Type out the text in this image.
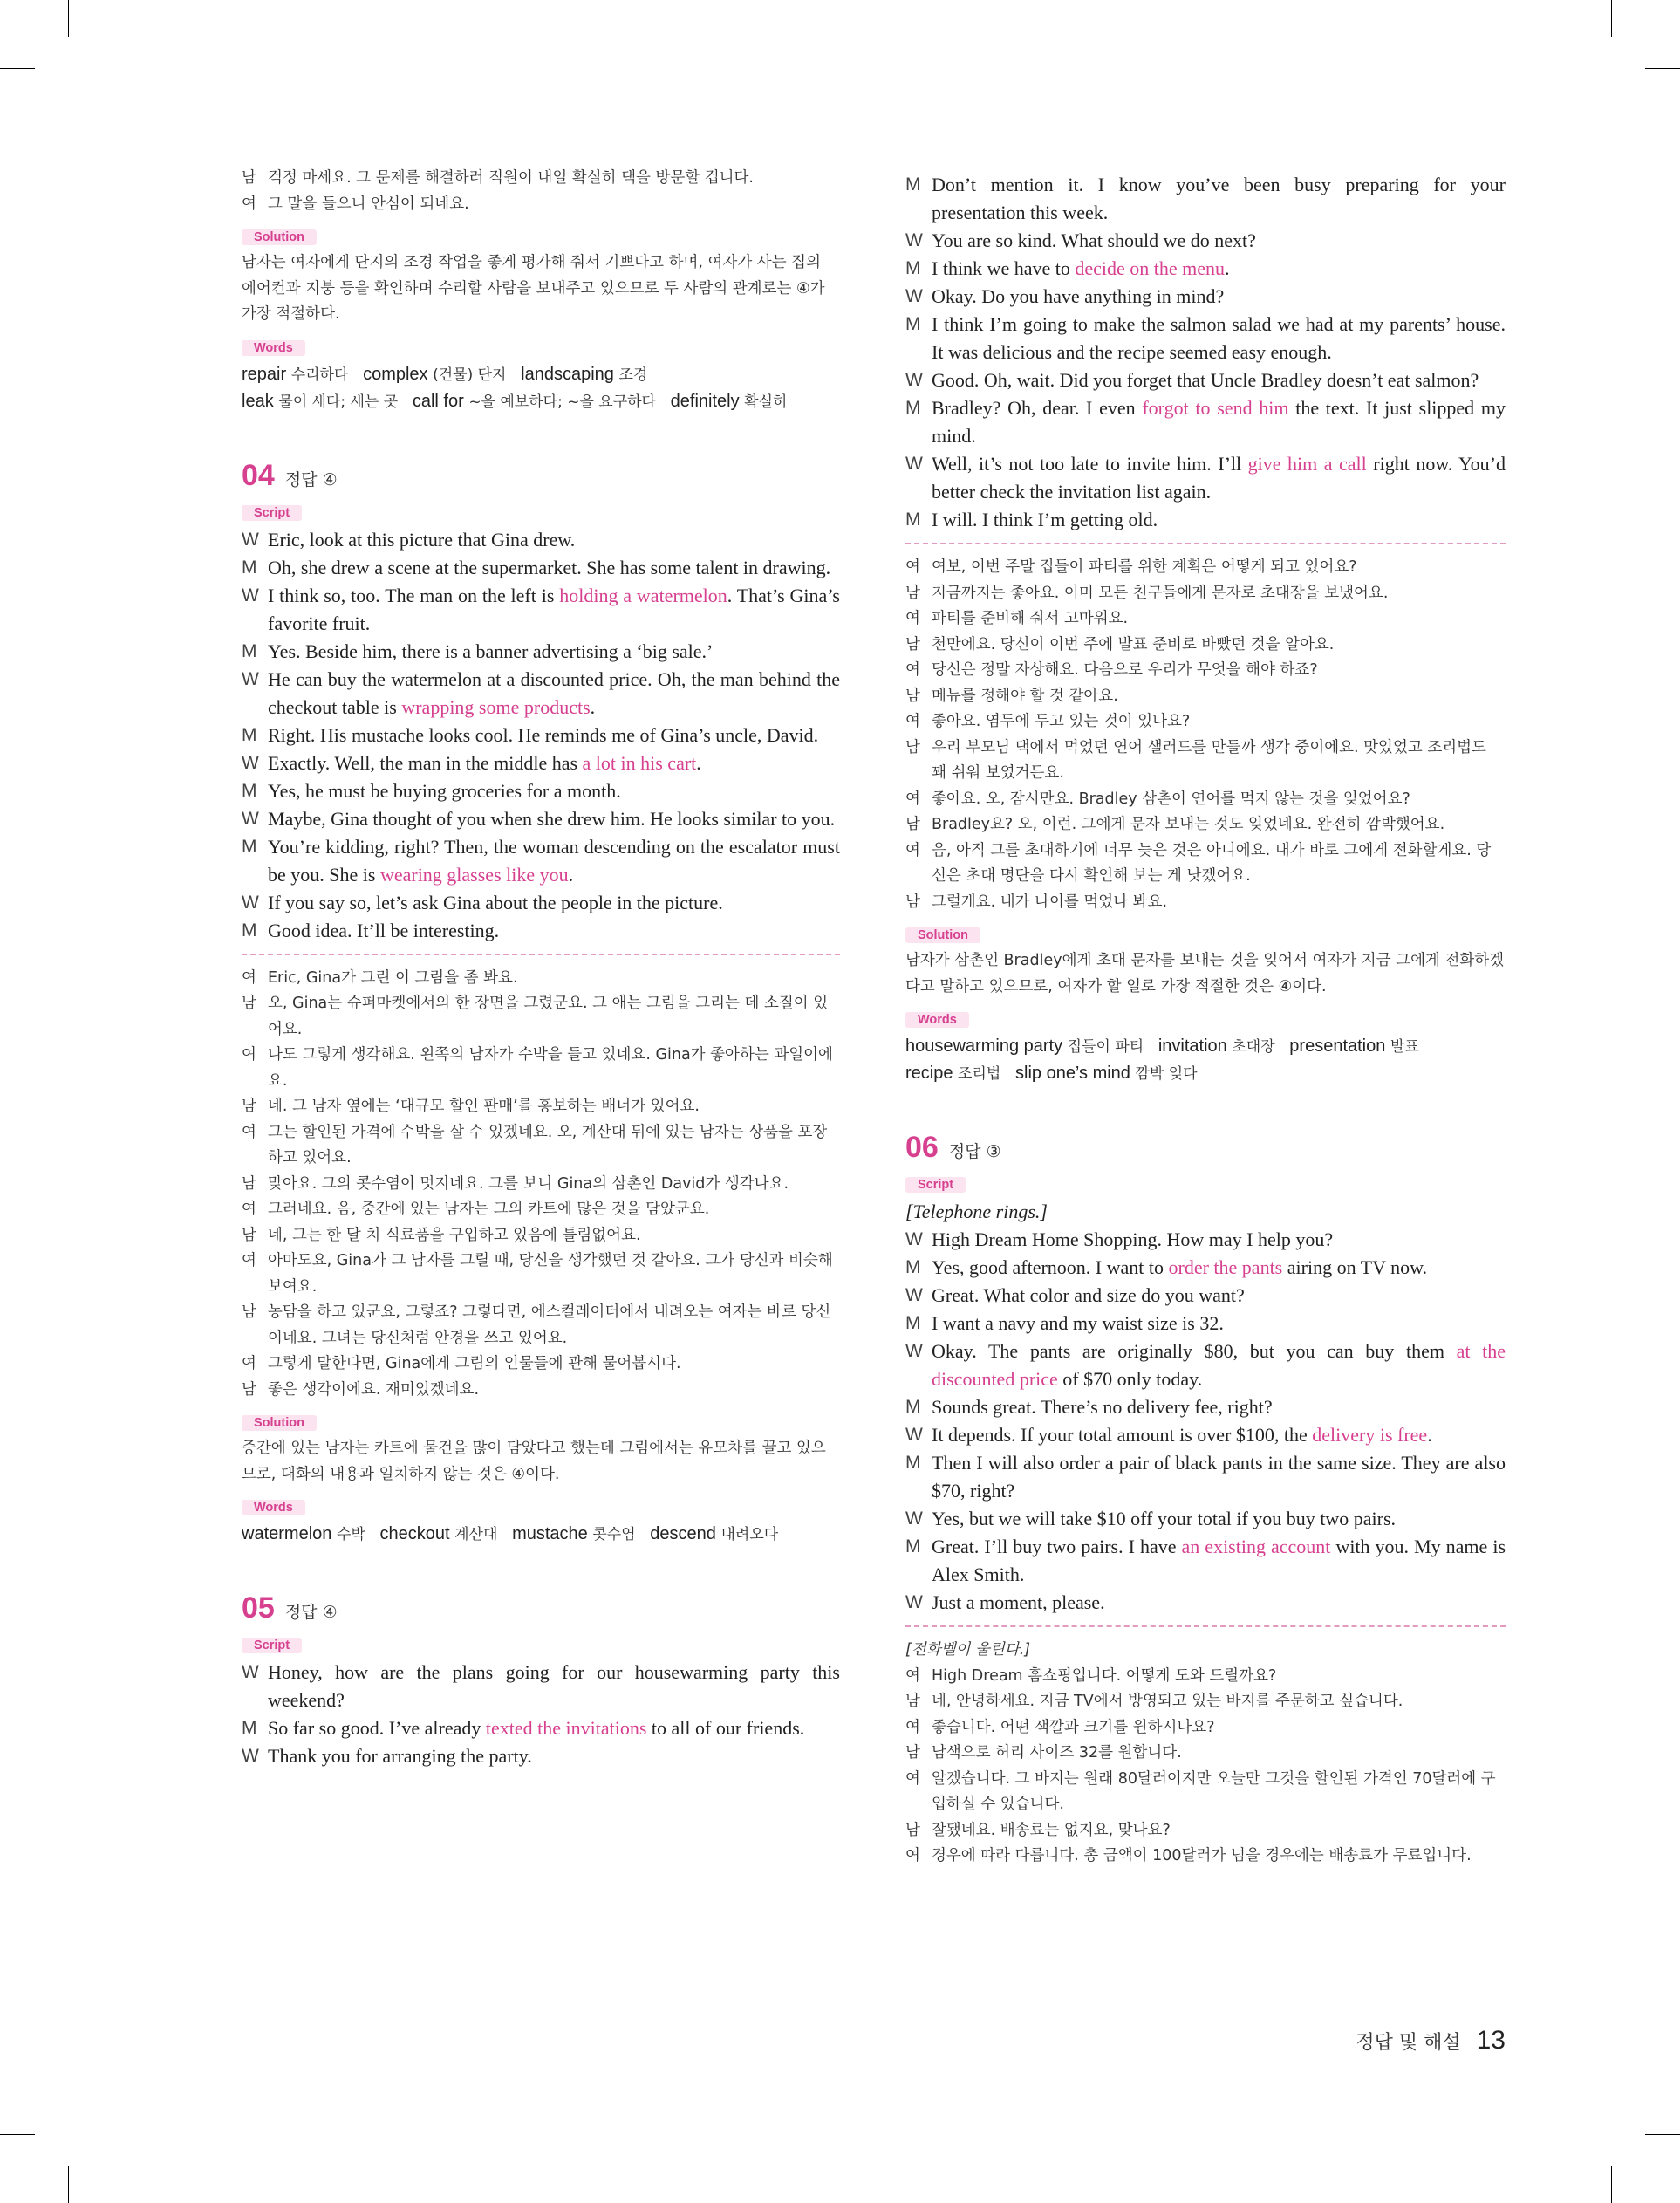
남 걱정 마세요. 그 문제를 해결하러 직원이 내일 확실히 댁을 방문할 겁니다.
여 그 말을 들으니 안심이 되네요.
Solution
남자는 여자에게 단지의 조경 작업을 좋게 평가해 줘서 기쁘다고 하며, 여자가 사는 집의 에어컨과 지붕 등을 확인하며 수리할 사람을 보내주고 있으므로 두 사람의 관계로는 ④가 가장 적절하다.
Words
repair 수리하다 complex (건물) 단지 landscaping 조경
leak 물이 새다; 새는 곳 call for ~을 예보하다; ~을 요구하다 definitely 확실히
04 정답 ④
Script
W Eric, look at this picture that Gina drew.
M Oh, she drew a scene at the supermarket. She has some talent in drawing.
W I think so, too. The man on the left is holding a watermelon. That’s Gina’s favorite fruit.
M Yes. Beside him, there is a banner advertising a ‘big sale.’
W He can buy the watermelon at a discounted price. Oh, the man behind the checkout table is wrapping some products.
M Right. His mustache looks cool. He reminds me of Gina’s uncle, David.
W Exactly. Well, the man in the middle has a lot in his cart.
M Yes, he must be buying groceries for a month.
W Maybe, Gina thought of you when she drew him. He looks similar to you.
M You’re kidding, right? Then, the woman descending on the escalator must be you. She is wearing glasses like you.
W If you say so, let’s ask Gina about the people in the picture.
M Good idea. It’ll be interesting.
여 Eric, Gina가 그린 이 그림을 좀 봐요.
남 오, Gina는 슈퍼마켓에서의 한 장면을 그렸군요. 그 애는 그림을 그리는 데 소질이 있어요.
여 나도 그렇게 생각해요. 왼쪽의 남자가 수박을 들고 있네요. Gina가 좋아하는 과일이에요.
남 네. 그 남자 옆에는 ‘대규모 할인 판매’를 홍보하는 배너가 있어요.
여 그는 할인된 가격에 수박을 살 수 있겠네요. 오, 계산대 뒤에 있는 남자는 상품을 포장하고 있어요.
남 맞아요. 그의 콧수염이 멋지네요. 그를 보니 Gina의 삼촌인 David가 생각나요.
여 그러네요. 음, 중간에 있는 남자는 그의 카트에 많은 것을 담았군요.
남 네, 그는 한 달 치 식료품을 구입하고 있음에 틀림없어요.
여 아마도요, Gina가 그 남자를 그릴 때, 당신을 생각했던 것 같아요. 그가 당신과 비슷해 보여요.
남 농담을 하고 있군요, 그렇죠? 그렇다면, 에스컬레이터에서 내려오는 여자는 바로 당신이네요. 그녀는 당신처럼 안경을 쓰고 있어요.
여 그렇게 말한다면, Gina에게 그림의 인물들에 관해 물어봅시다.
남 좋은 생각이에요. 재미있겠네요.
Solution
중간에 있는 남자는 카트에 물건을 많이 담았다고 했는데 그림에서는 유모차를 끌고 있으므로, 대화의 내용과 일치하지 않는 것은 ④이다.
Words
watermelon 수박 checkout 계산대 mustache 콧수염 descend 내려오다
05 정답 ④
Script
W Honey, how are the plans going for our housewarming party this weekend?
M So far so good. I’ve already texted the invitations to all of our friends.
W Thank you for arranging the party.
M Don’t mention it. I know you’ve been busy preparing for your presentation this week.
W You are so kind. What should we do next?
M I think we have to decide on the menu.
W Okay. Do you have anything in mind?
M I think I’m going to make the salmon salad we had at my parents’ house. It was delicious and the recipe seemed easy enough.
W Good. Oh, wait. Did you forget that Uncle Bradley doesn’t eat salmon?
M Bradley? Oh, dear. I even forgot to send him the text. It just slipped my mind.
W Well, it’s not too late to invite him. I’ll give him a call right now. You’d better check the invitation list again.
M I will. I think I’m getting old.
여 여보, 이번 주말 집들이 파티를 위한 계획은 어떻게 되고 있어요?
남 지금까지는 좋아요. 이미 모든 친구들에게 문자로 초대장을 보냈어요.
여 파티를 준비해 줘서 고마워요.
남 천만에요. 당신이 이번 주에 발표 준비로 바빴던 것을 알아요.
여 당신은 정말 자상해요. 다음으로 우리가 무엇을 해야 하죠?
남 메뉴를 정해야 할 것 같아요.
여 좋아요. 염두에 두고 있는 것이 있나요?
남 우리 부모님 댁에서 먹었던 연어 샐러드를 만들까 생각 중이에요. 맛있었고 조리법도 꽤 쉬워 보였거든요.
여 좋아요. 오, 잠시만요. Bradley 삼촌이 연어를 먹지 않는 것을 잊었어요?
남 Bradley요? 오, 이런. 그에게 문자 보내는 것도 잊었네요. 완전히 깜박했어요.
여 음, 아직 그를 초대하기에 너무 늦은 것은 아니에요. 내가 바로 그에게 전화할게요. 당신은 초대 명단을 다시 확인해 보는 게 낫겠어요.
남 그럴게요. 내가 나이를 먹었나 봐요.
Solution
남자가 삼촌인 Bradley에게 초대 문자를 보내는 것을 잊어서 여자가 지금 그에게 전화하겠다고 말하고 있으므로, 여자가 할 일로 가장 적절한 것은 ④이다.
Words
housewarming party 집들이 파티 invitation 초대장 presentation 발표
recipe 조리법 slip one’s mind 깜박 잊다
06 정답 ③
Script
[Telephone rings.]
W High Dream Home Shopping. How may I help you?
M Yes, good afternoon. I want to order the pants airing on TV now.
W Great. What color and size do you want?
M I want a navy and my waist size is 32.
W Okay. The pants are originally $80, but you can buy them at the discounted price of $70 only today.
M Sounds great. There’s no delivery fee, right?
W It depends. If your total amount is over $100, the delivery is free.
M Then I will also order a pair of black pants in the same size. They are also $70, right?
W Yes, but we will take $10 off your total if you buy two pairs.
M Great. I’ll buy two pairs. I have an existing account with you. My name is Alex Smith.
W Just a moment, please.
[전화벨이 울린다.]
여 High Dream 홈쇼핑입니다. 어떻게 도와 드릴까요?
남 네, 안녕하세요. 지금 TV에서 방영되고 있는 바지를 주문하고 싶습니다.
여 좋습니다. 어떤 색깔과 크기를 원하시나요?
남 남색으로 허리 사이즈 32를 원합니다.
여 알겠습니다. 그 바지는 원래 80달러이지만 오늘만 그것을 할인된 가격인 70달러에 구입하실 수 있습니다.
남 잘됐네요. 배송료는 없지요, 맞나요?
여 경우에 따라 다릅니다. 총 금액이 100달러가 넘을 경우에는 배송료가 무료입니다.
정답 및 해설 13
